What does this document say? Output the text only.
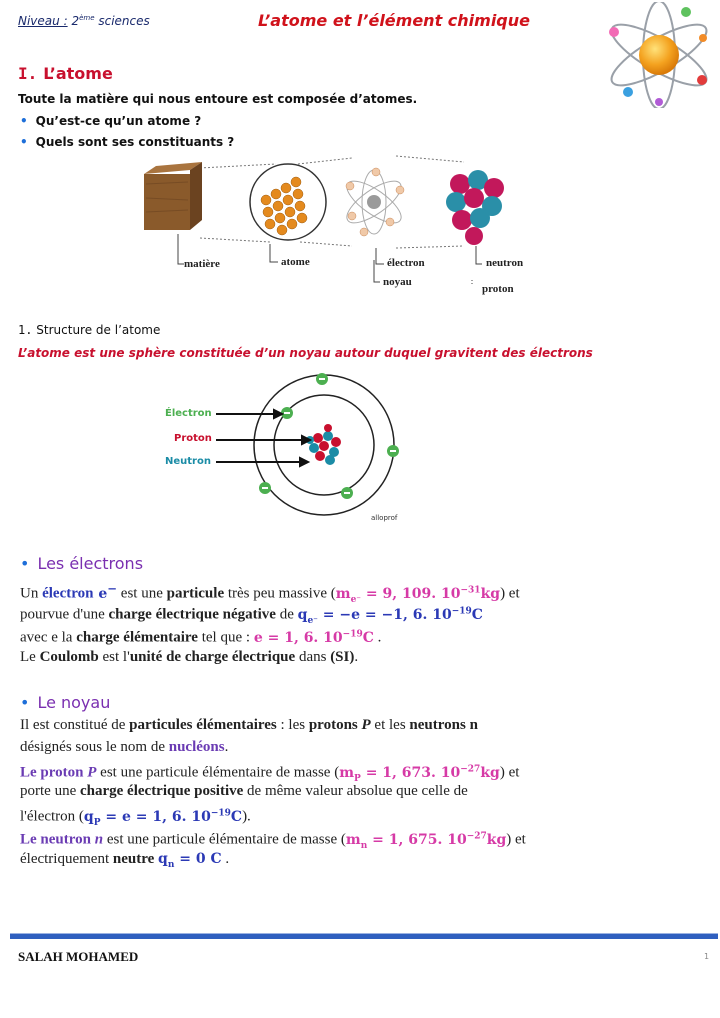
Niveau : 2ème sciences	L’atome et l’élément chimique
I. L’atome
Toute la matière qui nous entoure est composée d’atomes.
• Qu’est-ce qu’un atome ?
• Quels sont ses constituants ?
matière	atome	électron
noyau
neutron
proton
1. Structure de l’atome
L’atome est une sphère constituée d’un noyau autour duquel gravitent des électrons
Électron
Proton
Neutron
alloprof
• Les électrons
Un électron e− est une particule très peu massive ($m_{e^-} = 9$, 109. $10^{-31}kg$) et
pourvue d'une charge électrique négative de $q_{e^-} = -e = -1$, 6. $10^{-19}C$
avec e la charge élémentaire tel que : e = 1, 6. $10^{-19}C$ .
Le Coulomb est l'unité de charge électrique dans (SI).
• Le noyau
Il est constitué de particules élémentaires : les protons P et les neutrons n
désignés sous le nom de nucléons.
Le proton P est une particule élémentaire de masse ($m_P = 1$, 673. $10^{-27}kg$) et
porte une charge électrique positive de même valeur absolue que celle de
l'électron ($q_P = e = 1$, 6. $10^{-19}C$).
Le neutron n est une particule élémentaire de masse ($m_n = 1$, 675. $10^{-27}kg$) et
électriquement neutre $q_n = 0$ C .
SALAH MOHAMED	1
